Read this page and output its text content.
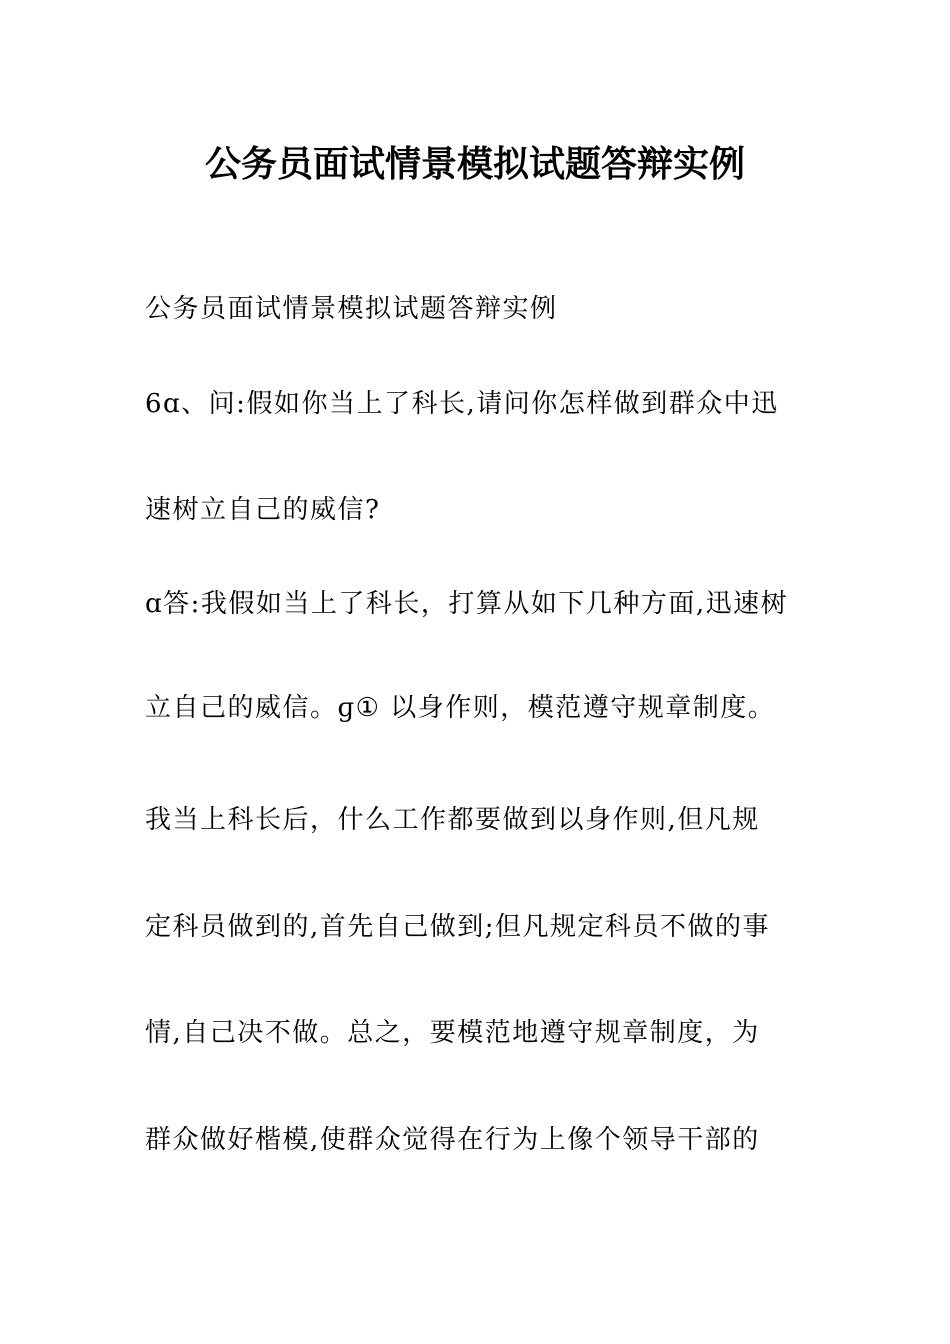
公务员面试情景模拟试题答辩实例

公务员面试情景模拟试题答辩实例

6ɑ、问:假如你当上了科长,请问你怎样做到群众中迅

速树立自己的威信?

ɑ答:我假如当上了科长，打算从如下几种方面,迅速树

立自己的威信。ɡ① 以身作则，模范遵守规章制度。

我当上科长后，什么工作都要做到以身作则,但凡规

定科员做到的,首先自己做到;但凡规定科员不做的事

情,自己决不做。总之，要模范地遵守规章制度，为

群众做好楷模,使群众觉得在行为上像个领导干部的
